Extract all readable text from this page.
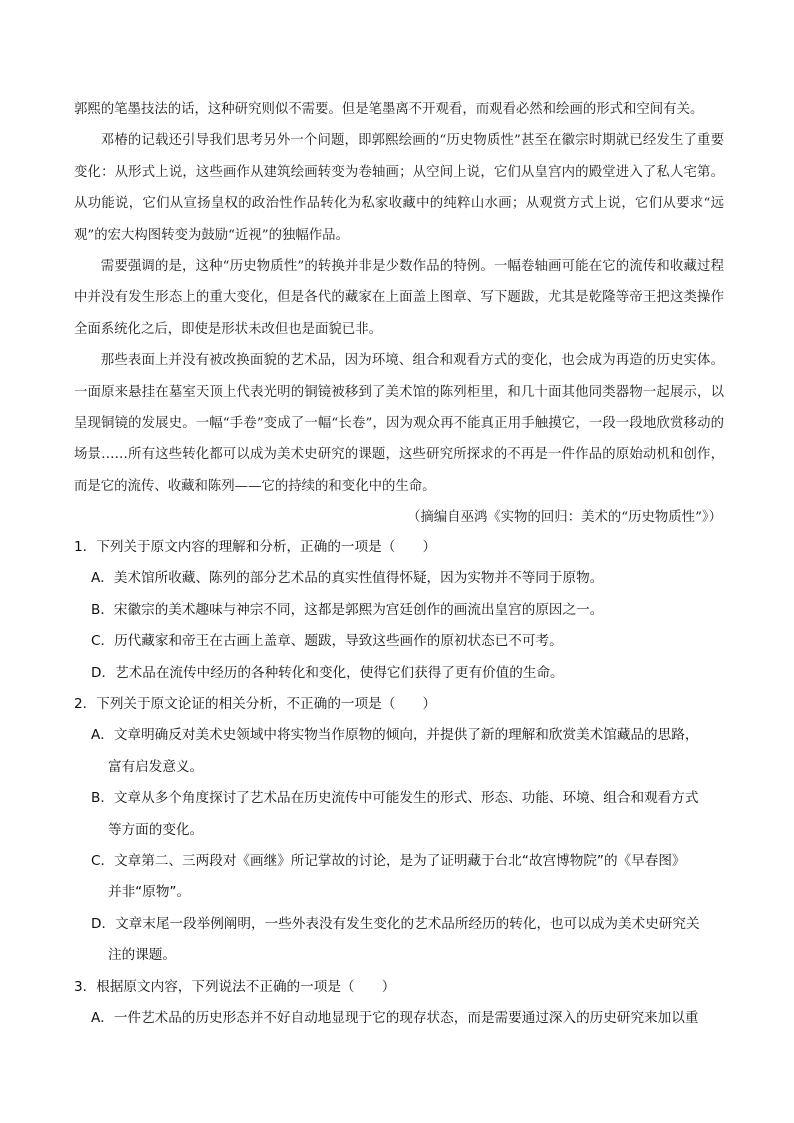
郭熙的笔墨技法的话，这种研究则似不需要。但是笔墨离不开观看，而观看必然和绘画的形式和空间有关。

邓椿的记载还引导我们思考另外一个问题，即郭熙绘画的“历史物质性”甚至在徽宗时期就已经发生了重要变化：从形式上说，这些画作从建筑绘画转变为卷轴画；从空间上说，它们从皇宫内的殿堂进入了私人宅第。从功能说，它们从宣扬皇权的政治性作品转化为私家收藏中的纯粹山水画；从观赏方式上说，它们从要求“远观”的宏大构图转变为鼓励“近视”的独幅作品。

需要强调的是，这种“历史物质性”的转换并非是少数作品的特例。一幅卷轴画可能在它的流传和收藏过程中并没有发生形态上的重大变化，但是各代的藏家在上面盖上图章、写下题跋，尤其是乾隆等帝王把这类操作全面系统化之后，即使是形状未改但也是面貌已非。

那些表面上并没有被改换面貌的艺术品，因为环境、组合和观看方式的变化，也会成为再造的历史实体。一面原来悬挂在墓室天顶上代表光明的铜镜被移到了美术馆的陈列柜里，和几十面其他同类器物一起展示，以呈现铜镜的发展史。一幅“手卷”变成了一幅“长卷”，因为观众再不能真正用手触摸它，一段一段地欣赏移动的场景……所有这些转化都可以成为美术史研究的课题，这些研究所探求的不再是一件作品的原始动机和创作，而是它的流传、收藏和陈列——它的持续的和变化中的生命。

（摘编自巫鸿《实物的回归：美术的“历史物质性”》）

1．下列关于原文内容的理解和分析，正确的一项是（　　）

A．美术馆所收藏、陈列的部分艺术品的真实性值得怀疑，因为实物并不等同于原物。

B．宋徽宗的美术趣味与神宗不同，这都是郭熙为宫廷创作的画流出皇宫的原因之一。

C．历代藏家和帝王在古画上盖章、题跋，导致这些画作的原初状态已不可考。

D．艺术品在流传中经历的各种转化和变化，使得它们获得了更有价值的生命。

2．下列关于原文论证的相关分析，不正确的一项是（　　）

A．文章明确反对美术史领域中将实物当作原物的倾向，并提供了新的理解和欣赏美术馆藏品的思路，
富有启发意义。

B．文章从多个角度探讨了艺术品在历史流传中可能发生的形式、形态、功能、环境、组合和观看方式
等方面的变化。

C．文章第二、三两段对《画继》所记掌故的讨论，是为了证明藏于台北“故宫博物院”的《早春图》
并非“原物”。

D．文章末尾一段举例阐明，一些外表没有发生变化的艺术品所经历的转化，也可以成为美术史研究关
注的课题。

3．根据原文内容，下列说法不正确的一项是（　　）

A．一件艺术品的历史形态并不好自动地显现于它的现存状态，而是需要通过深入的历史研究来加以重
